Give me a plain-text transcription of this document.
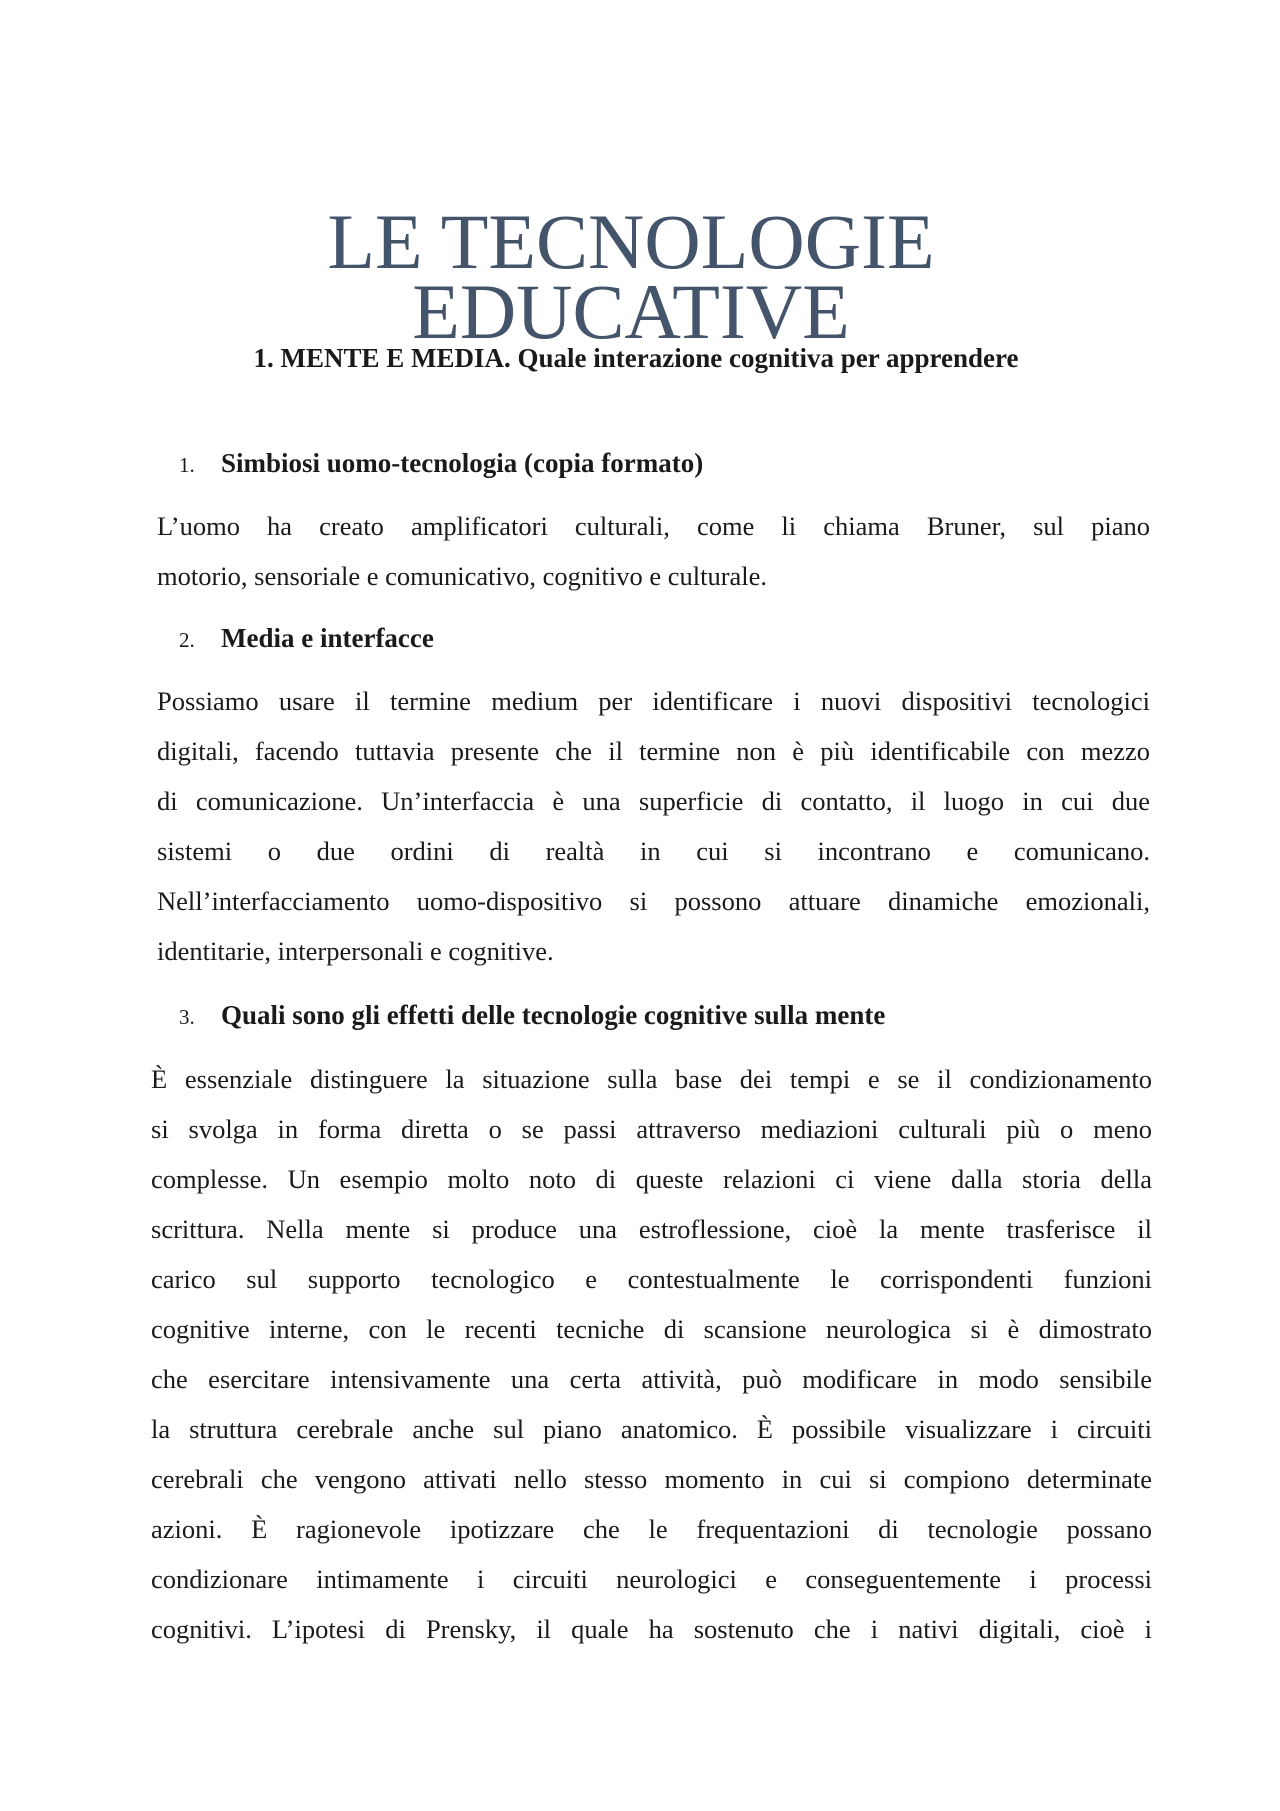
LE TECNOLOGIE
EDUCATIVE
1. MENTE E MEDIA. Quale interazione cognitiva per apprendere
1. Simbiosi uomo-tecnologia (copia formato)
L’uomo ha creato amplificatori culturali, come li chiama Bruner, sul piano
motorio, sensoriale e comunicativo, cognitivo e culturale.
2. Media e interfacce
Possiamo usare il termine medium per identificare i nuovi dispositivi tecnologici
digitali, facendo tuttavia presente che il termine non è più identificabile con mezzo
di comunicazione. Un’interfaccia è una superficie di contatto, il luogo in cui due
sistemi o due ordini di realtà in cui si incontrano e comunicano.
Nell’interfacciamento uomo-dispositivo si possono attuare dinamiche emozionali,
identitarie, interpersonali e cognitive.
3. Quali sono gli effetti delle tecnologie cognitive sulla mente
È essenziale distinguere la situazione sulla base dei tempi e se il condizionamento
si svolga in forma diretta o se passi attraverso mediazioni culturali più o meno
complesse. Un esempio molto noto di queste relazioni ci viene dalla storia della
scrittura. Nella mente si produce una estroflessione, cioè la mente trasferisce il
carico sul supporto tecnologico e contestualmente le corrispondenti funzioni
cognitive interne, con le recenti tecniche di scansione neurologica si è dimostrato
che esercitare intensivamente una certa attività, può modificare in modo sensibile
la struttura cerebrale anche sul piano anatomico. È possibile visualizzare i circuiti
cerebrali che vengono attivati nello stesso momento in cui si compiono determinate
azioni. È ragionevole ipotizzare che le frequentazioni di tecnologie possano
condizionare intimamente i circuiti neurologici e conseguentemente i processi
cognitivi. L’ipotesi di Prensky, il quale ha sostenuto che i nativi digitali, cioè i
